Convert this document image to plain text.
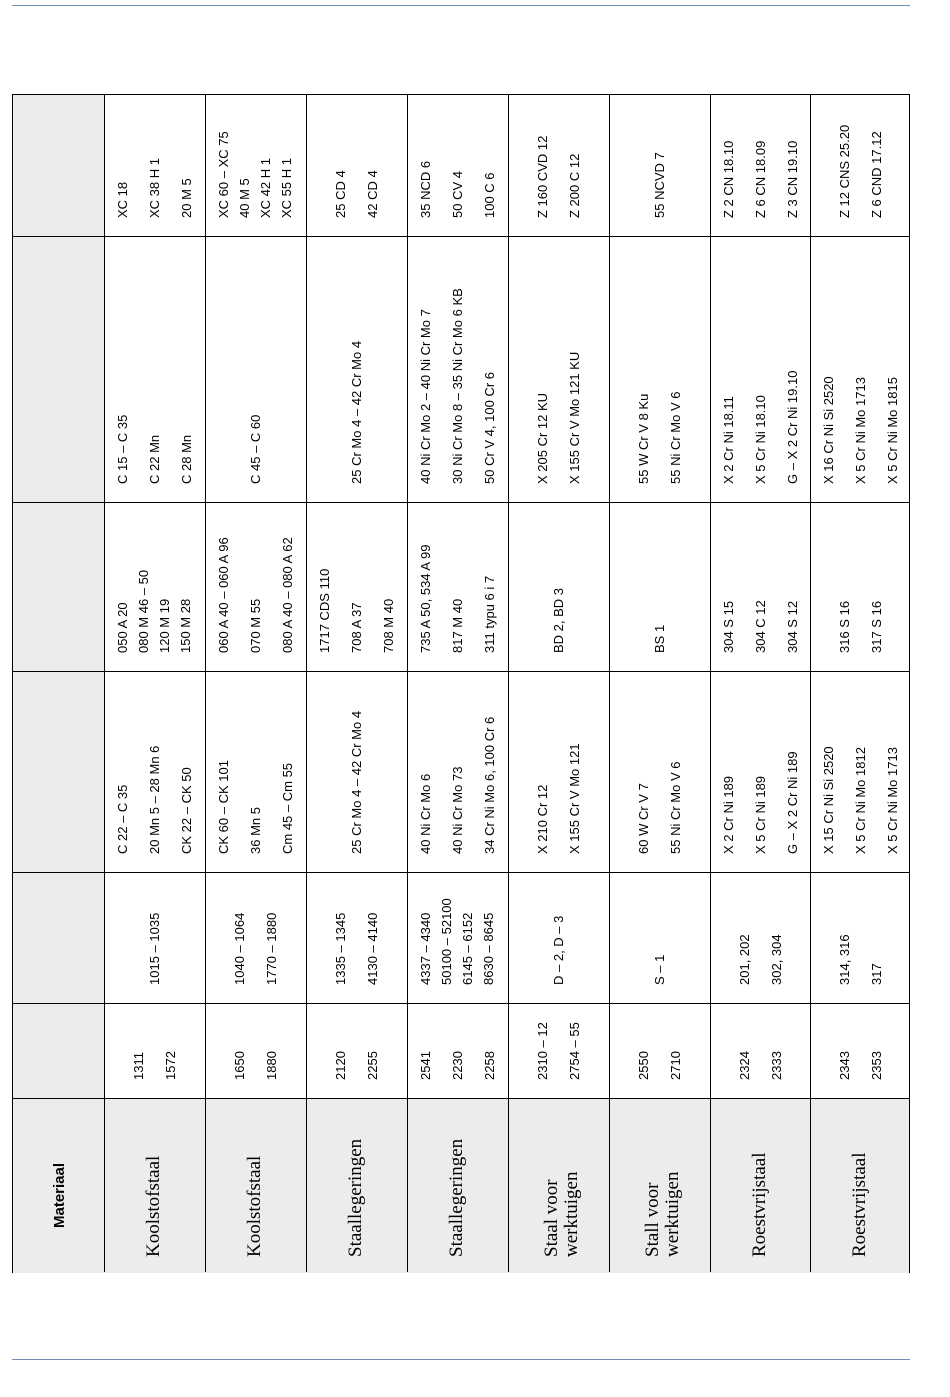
Materiaal	Koolstofstaal
XC 18 XC 38 H 1 20 M 5
C 15 – C 35 C 22 Mn C 28 Mn
050 A 20 080 M 46 – 50 120 M 19 150 M 28
C 22 – C 35 20 Mn 5 – 28 Mn 6 CK 22 – CK 50
1015 – 1035
1311 1572
Koolstofstaal
XC 60 – XC 75 40 M 5 XC 42 H 1 XC 55 H 1
C 45 – C 60
060 A 40 – 060 A 96 070 M 55 080 A 40 – 080 A 62
CK 60 – CK 101 36 Mn 5 Cm 45 – Cm 55
1040 – 1064 1770 – 1880
1650 1880
Staallegeringen
25 CD 4 42 CD 4
25 Cr Mo 4 – 42 Cr Mo 4
1717 CDS 110 708 A 37 708 M 40
25 Cr Mo 4 – 42 Cr Mo 4
1335 – 1345 4130 – 4140
2120 2255
Staallegeringen
35 NCD 6 50 CV 4 100 C 6
40 Ni Cr Mo 2 – 40 Ni Cr Mo 7 30 Ni Cr Mo 8 – 35 Ni Cr Mo 6 KB 50 Cr V 4, 100 Cr 6
735 A 50, 534 A 99 817 M 40 311 typu 6 i 7
40 Ni Cr Mo 6 40 Ni Cr Mo 73 34 Cr Ni Mo 6, 100 Cr 6
4337 – 4340 50100 – 52100 6145 – 6152 8630 – 8645
2541 2230 2258
Staal voor werktuigen
Z 160 CVD 12 Z 200 C 12
X 205 Cr 12 KU X 155 Cr V Mo 121 KU
BD 2, BD 3
X 210 Cr 12 X 155 Cr V Mo 121
D – 2, D – 3
2310 – 12 2754 – 55
Stall voor werktuigen
55 NCVD 7
55 W Cr V 8 Ku 55 Ni Cr Mo V 6
BS 1
60 W Cr V 7 55 Ni Cr Mo V 6
S – 1
2550 2710
Roestvrijstaal
Z 2 CN 18.10 Z 6 CN 18.09 Z 3 CN 19.10
X 2 Cr Ni 18.11 X 5 Cr Ni 18.10 G – X 2 Cr Ni 19.10
304 S 15 304 C 12 304 S 12
X 2 Cr Ni 189 X 5 Cr Ni 189 G – X 2 Cr Ni 189
201, 202 302, 304
2324 2333
Roestvrijstaal
Z 12 CNS 25.20 Z 6 CND 17.12
X 16 Cr Ni Si 2520 X 5 Cr Ni Mo 1713 X 5 Cr Ni Mo 1815
316 S 16 317 S 16
X 15 Cr Ni Si 2520 X 5 Cr Ni Mo 1812 X 5 Cr Ni Mo 1713
314, 316 317
2343 2353
